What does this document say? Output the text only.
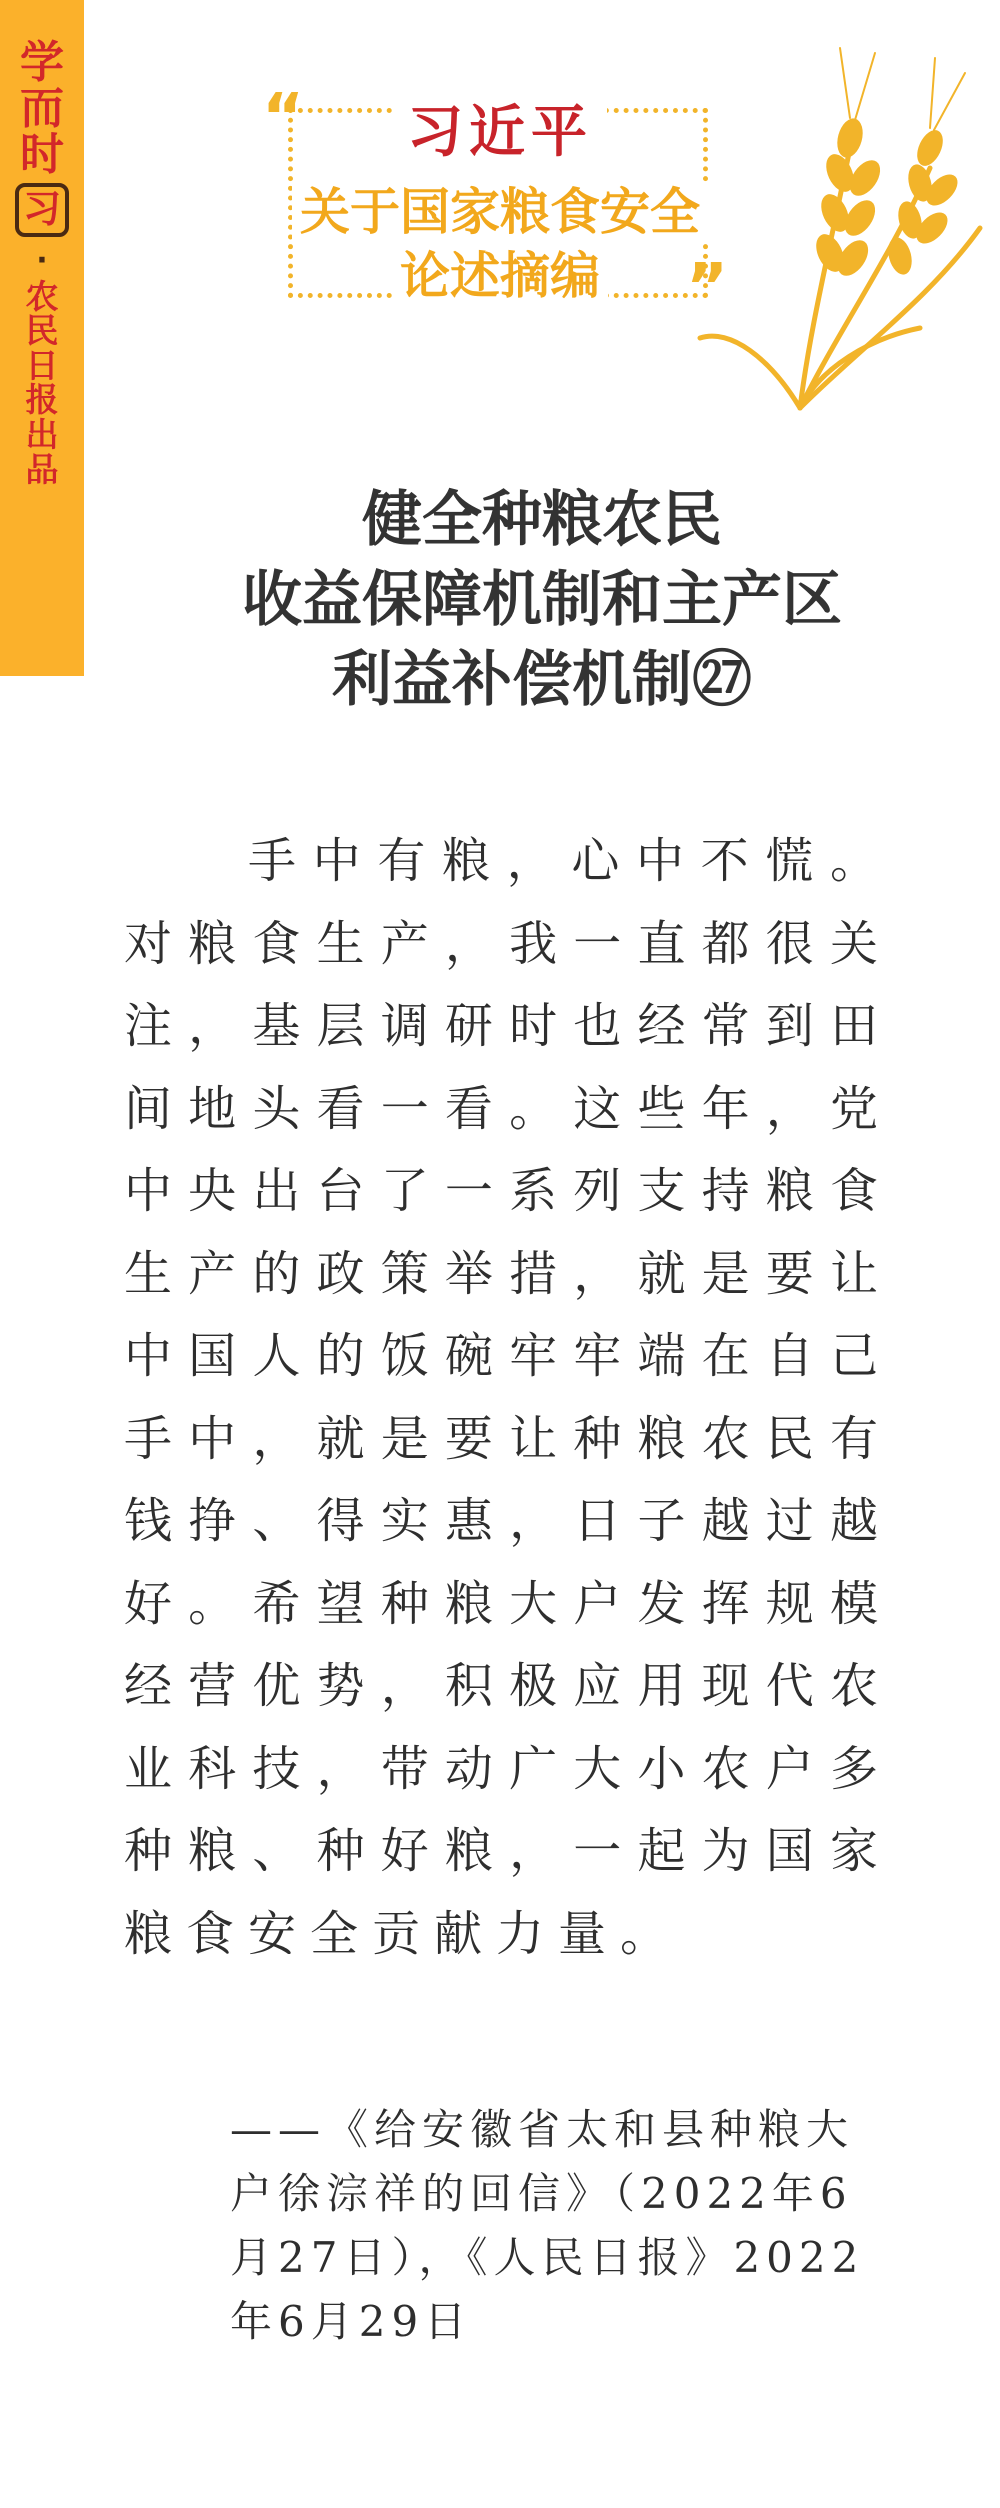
学
而
时
习
·
农
民
日
报
出
品
“
”
习近平
关于国家粮食安全
论述摘编
健全种粮农民
收益保障机制和主产区
利益补偿机制㉗

手中有粮，心中不慌。对粮食生产，我一直都很关注，基层调研时也经常到田间地头看一看。这些年，党中央出台了一系列支持粮食生产的政策举措，就是要让中国人的饭碗牢牢端在自己手中，就是要让种粮农民有钱挣、得实惠，日子越过越好。希望种粮大户发挥规模经营优势，积极应用现代农业科技，带动广大小农户多种粮、种好粮，一起为国家粮食安全贡献力量。

——《给安徽省太和县种粮大户徐淙祥的回信》（2022年6月27日），《人民日报》2022年6月29日
